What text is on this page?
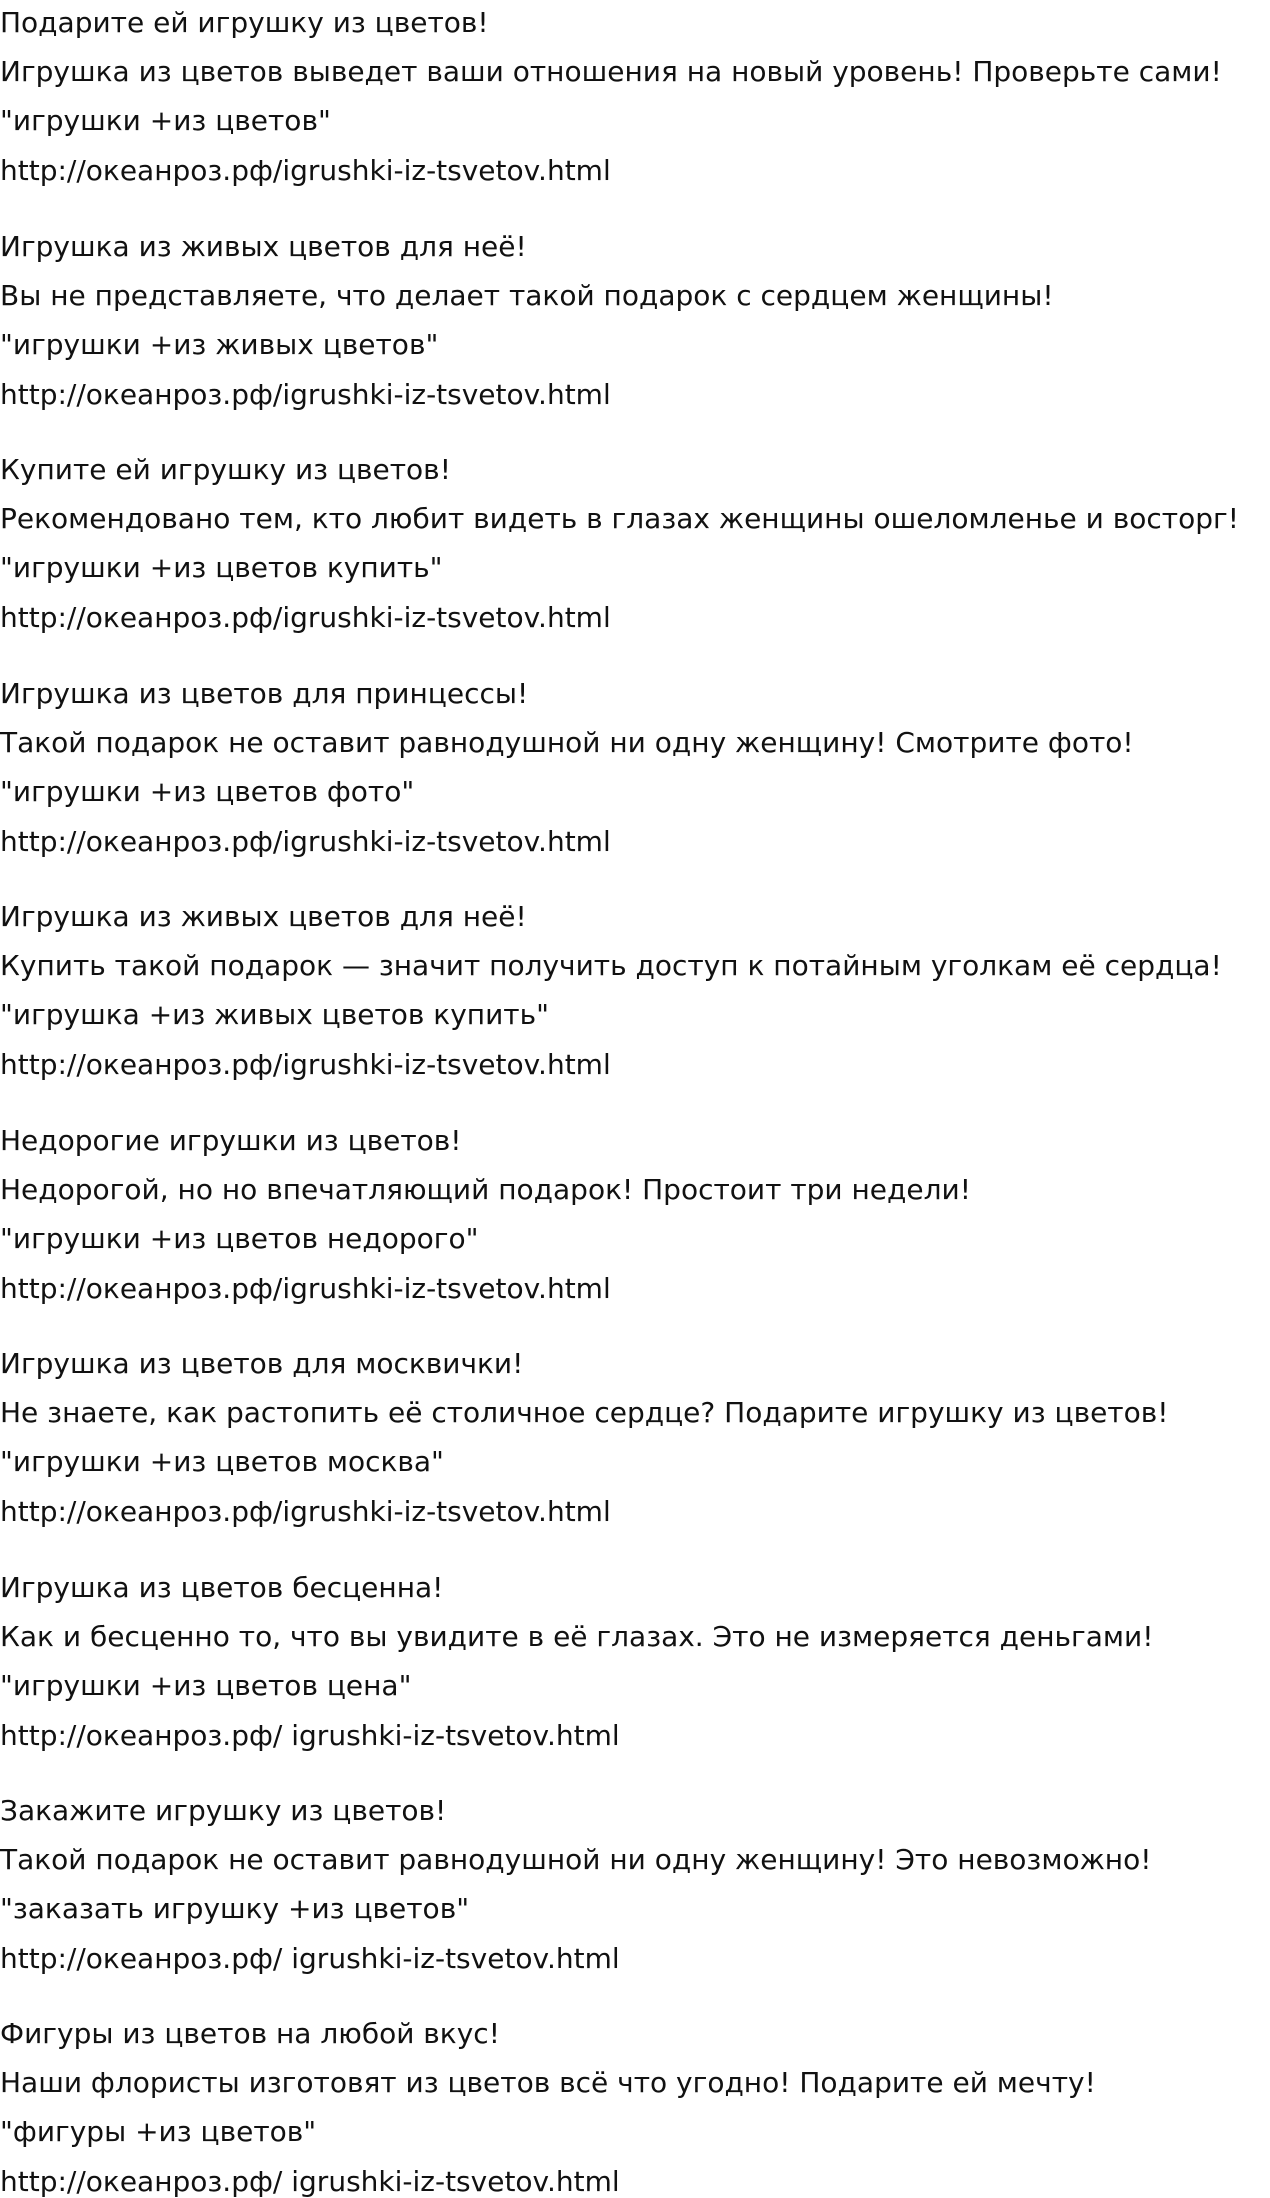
Подарите ей игрушку из цветов!
Игрушка из цветов выведет ваши отношения на новый уровень! Проверьте сами!
"игрушки +из цветов"
http://океанроз.рф/igrushki-iz-tsvetov.html
Игрушка из живых цветов для неё!
Вы не представляете, что делает такой подарок с сердцем женщины!
"игрушки +из живых цветов"
http://океанроз.рф/igrushki-iz-tsvetov.html
Купите ей игрушку из цветов!
Рекомендовано тем, кто любит видеть в глазах женщины ошеломленье и восторг!
"игрушки +из цветов купить"
http://океанроз.рф/igrushki-iz-tsvetov.html
Игрушка из цветов для принцессы!
Такой подарок не оставит равнодушной ни одну женщину! Смотрите фото!
"игрушки +из цветов фото"
http://океанроз.рф/igrushki-iz-tsvetov.html
Игрушка из живых цветов для неё!
Купить такой подарок — значит получить доступ к потайным уголкам её сердца!
"игрушка +из живых цветов купить"
http://океанроз.рф/igrushki-iz-tsvetov.html
Недорогие игрушки из цветов!
Недорогой, но но впечатляющий подарок! Простоит три недели!
"игрушки +из цветов недорого"
http://океанроз.рф/igrushki-iz-tsvetov.html
Игрушка из цветов для москвички!
Не знаете, как растопить её столичное сердце? Подарите игрушку из цветов!
"игрушки +из цветов москва"
http://океанроз.рф/igrushki-iz-tsvetov.html
Игрушка из цветов бесценна!
Как и бесценно то, что вы увидите в её глазах. Это не измеряется деньгами!
"игрушки +из цветов цена"
http://океанроз.рф/ igrushki-iz-tsvetov.html
Закажите игрушку из цветов!
Такой подарок не оставит равнодушной ни одну женщину! Это невозможно!
"заказать игрушку +из цветов"
http://океанроз.рф/ igrushki-iz-tsvetov.html
Фигуры из цветов на любой вкус!
Наши флористы изготовят из цветов всё что угодно! Подарите ей мечту!
"фигуры +из цветов"
http://океанроз.рф/ igrushki-iz-tsvetov.html
